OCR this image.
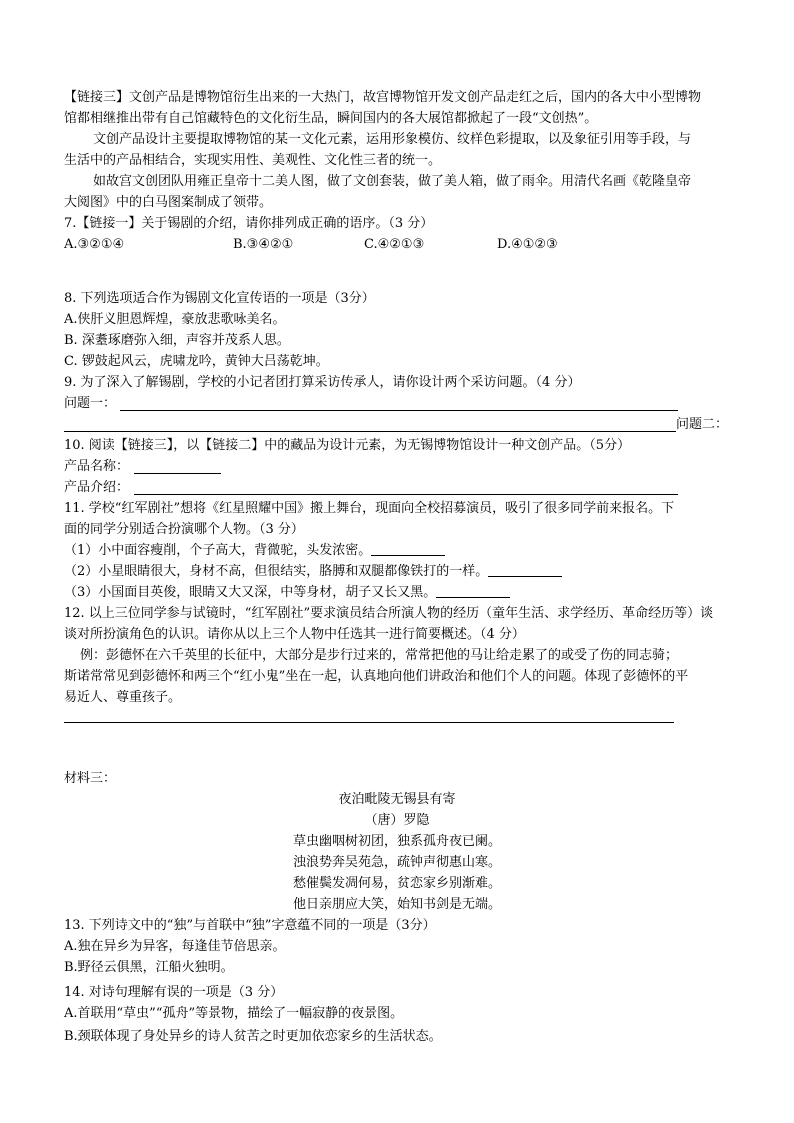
【链接三】文创产品是博物馆衍生出来的一大热门，故宫博物馆开发文创产品走红之后，国内的各大中小型博物
馆都相继推出带有自己馆藏特色的文化衍生品，瞬间国内的各大展馆都掀起了一段“文创热”。
文创产品设计主要提取博物馆的某一文化元素，运用形象模仿、纹样色彩提取，以及象征引用等手段，与
生活中的产品相结合，实现实用性、美观性、文化性三者的统一。
如故宫文创团队用雍正皇帝十二美人图，做了文创套装，做了美人箱，做了雨伞。用清代名画《乾隆皇帝
大阅图》中的白马图案制成了领带。
7.【链接一】关于锡剧的介绍，请你排列成正确的语序。（3 分）
A.③②①④	B.③④②①	C.④②①③	D.④①②③
8. 下列选项适合作为锡剧文化宣传语的一项是（3分）
A.侠肝义胆恩辉煌，豪放悲歌咏美名。
B. 深耋琢磨弥入细，声容并茂系人思。
C. 锣鼓起风云，虎啸龙吟，黄钟大吕荡乾坤。
9. 为了深入了解锡剧，学校的小记者团打算采访传承人，请你设计两个采访问题。（4 分）
问题一：
问题二：
10. 阅读【链接三】，以【链接二】中的藏品为设计元素，为无锡博物馆设计一种文创产品。（5分）
产品名称：
产品介绍：
11. 学校“红军剧社”想将《红星照耀中国》搬上舞台，现面向全校招募演员，吸引了很多同学前来报名。下
面的同学分别适合扮演哪个人物。（3 分）
（1）小中面容瘦削，个子高大，背微驼，头发浓密。
（2）小星眼睛很大，身材不高，但很结实，胳膊和双腿都像铁打的一样。
（3）小国面目英俊，眼睛又大又深，中等身材，胡子又长又黑。
12. 以上三位同学参与试镜时，“红军剧社”要求演员结合所演人物的经历（童年生活、求学经历、革命经历等）谈
谈对所扮演角色的认识。请你从以上三个人物中任选其一进行简要概述。（4 分）
例：彭德怀在六千英里的长征中，大部分是步行过来的，常常把他的马让给走累了的或受了伤的同志骑；
斯诺常常见到彭德怀和两三个“红小鬼”坐在一起，认真地向他们讲政治和他们个人的问题。体现了彭德怀的平
易近人、尊重孩子。
材料三：
夜泊毗陵无锡县有寄
（唐）罗隐
草虫幽咽树初团，独系孤舟夜已阑。
浊浪势奔吴苑急，疏钟声彻惠山寒。
愁催鬓发凋何易，贫恋家乡别渐难。
他日亲朋应大笑，始知书剑是无端。
13. 下列诗文中的“独”与首联中“独”字意蕴不同的一项是（3分）
A.独在异乡为异客，每逢佳节倍思亲。
B.野径云俱黑，江船火独明。
14. 对诗句理解有误的一项是（3 分）
A.首联用“草虫”“孤舟”等景物，描绘了一幅寂静的夜景图。
B.颈联体现了身处异乡的诗人贫苦之时更加依恋家乡的生活状态。
